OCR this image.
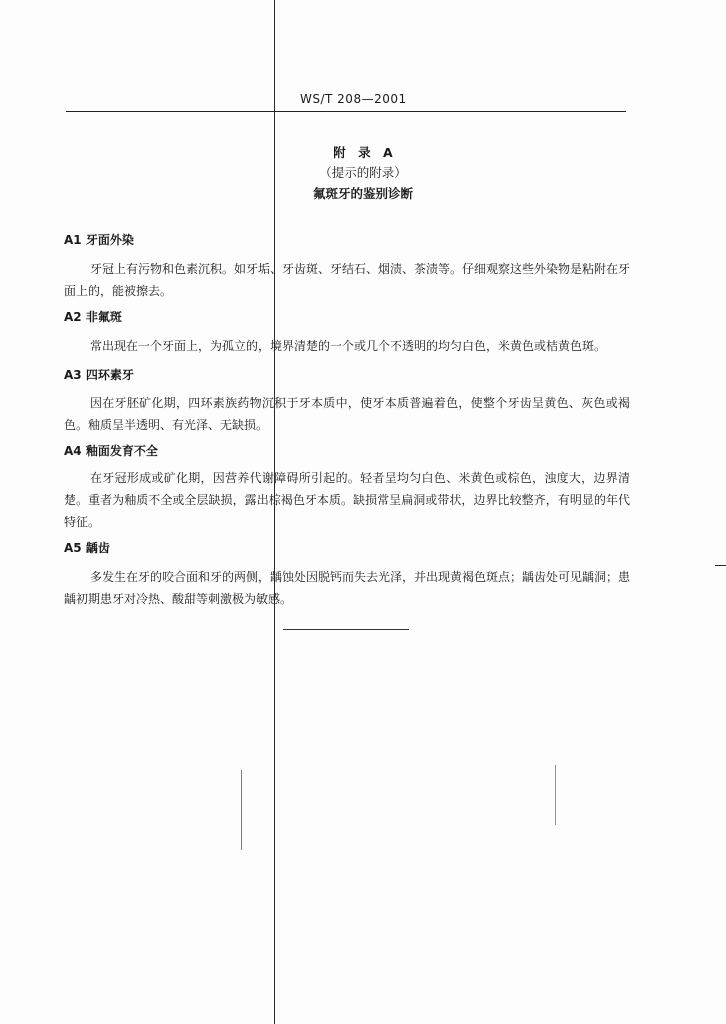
WS/T 208—2001
附 录 A
（提示的附录）
氟斑牙的鉴别诊断
A1 牙面外染
牙冠上有污物和色素沉积。如牙垢、牙齿斑、牙结石、烟渍、茶渍等。仔细观察这些外染物是粘附在牙面上的，能被擦去。
A2 非氟斑
常出现在一个牙面上，为孤立的，境界清楚的一个或几个不透明的均匀白色，米黄色或桔黄色斑。
A3 四环素牙
因在牙胚矿化期，四环素族药物沉积于牙本质中，使牙本质普遍着色，使整个牙齿呈黄色、灰色或褐色。釉质呈半透明、有光泽、无缺损。
A4 釉面发育不全
在牙冠形成或矿化期，因营养代谢障碍所引起的。轻者呈均匀白色、米黄色或棕色，浊度大，边界清楚。重者为釉质不全或全层缺损，露出棕褐色牙本质。缺损常呈扁洞或带状，边界比较整齐，有明显的年代特征。
A5 龋齿
多发生在牙的咬合面和牙的两侧，龋蚀处因脱钙而失去光泽，并出现黄褐色斑点；龋齿处可见龋洞；患龋初期患牙对冷热、酸甜等刺激极为敏感。
